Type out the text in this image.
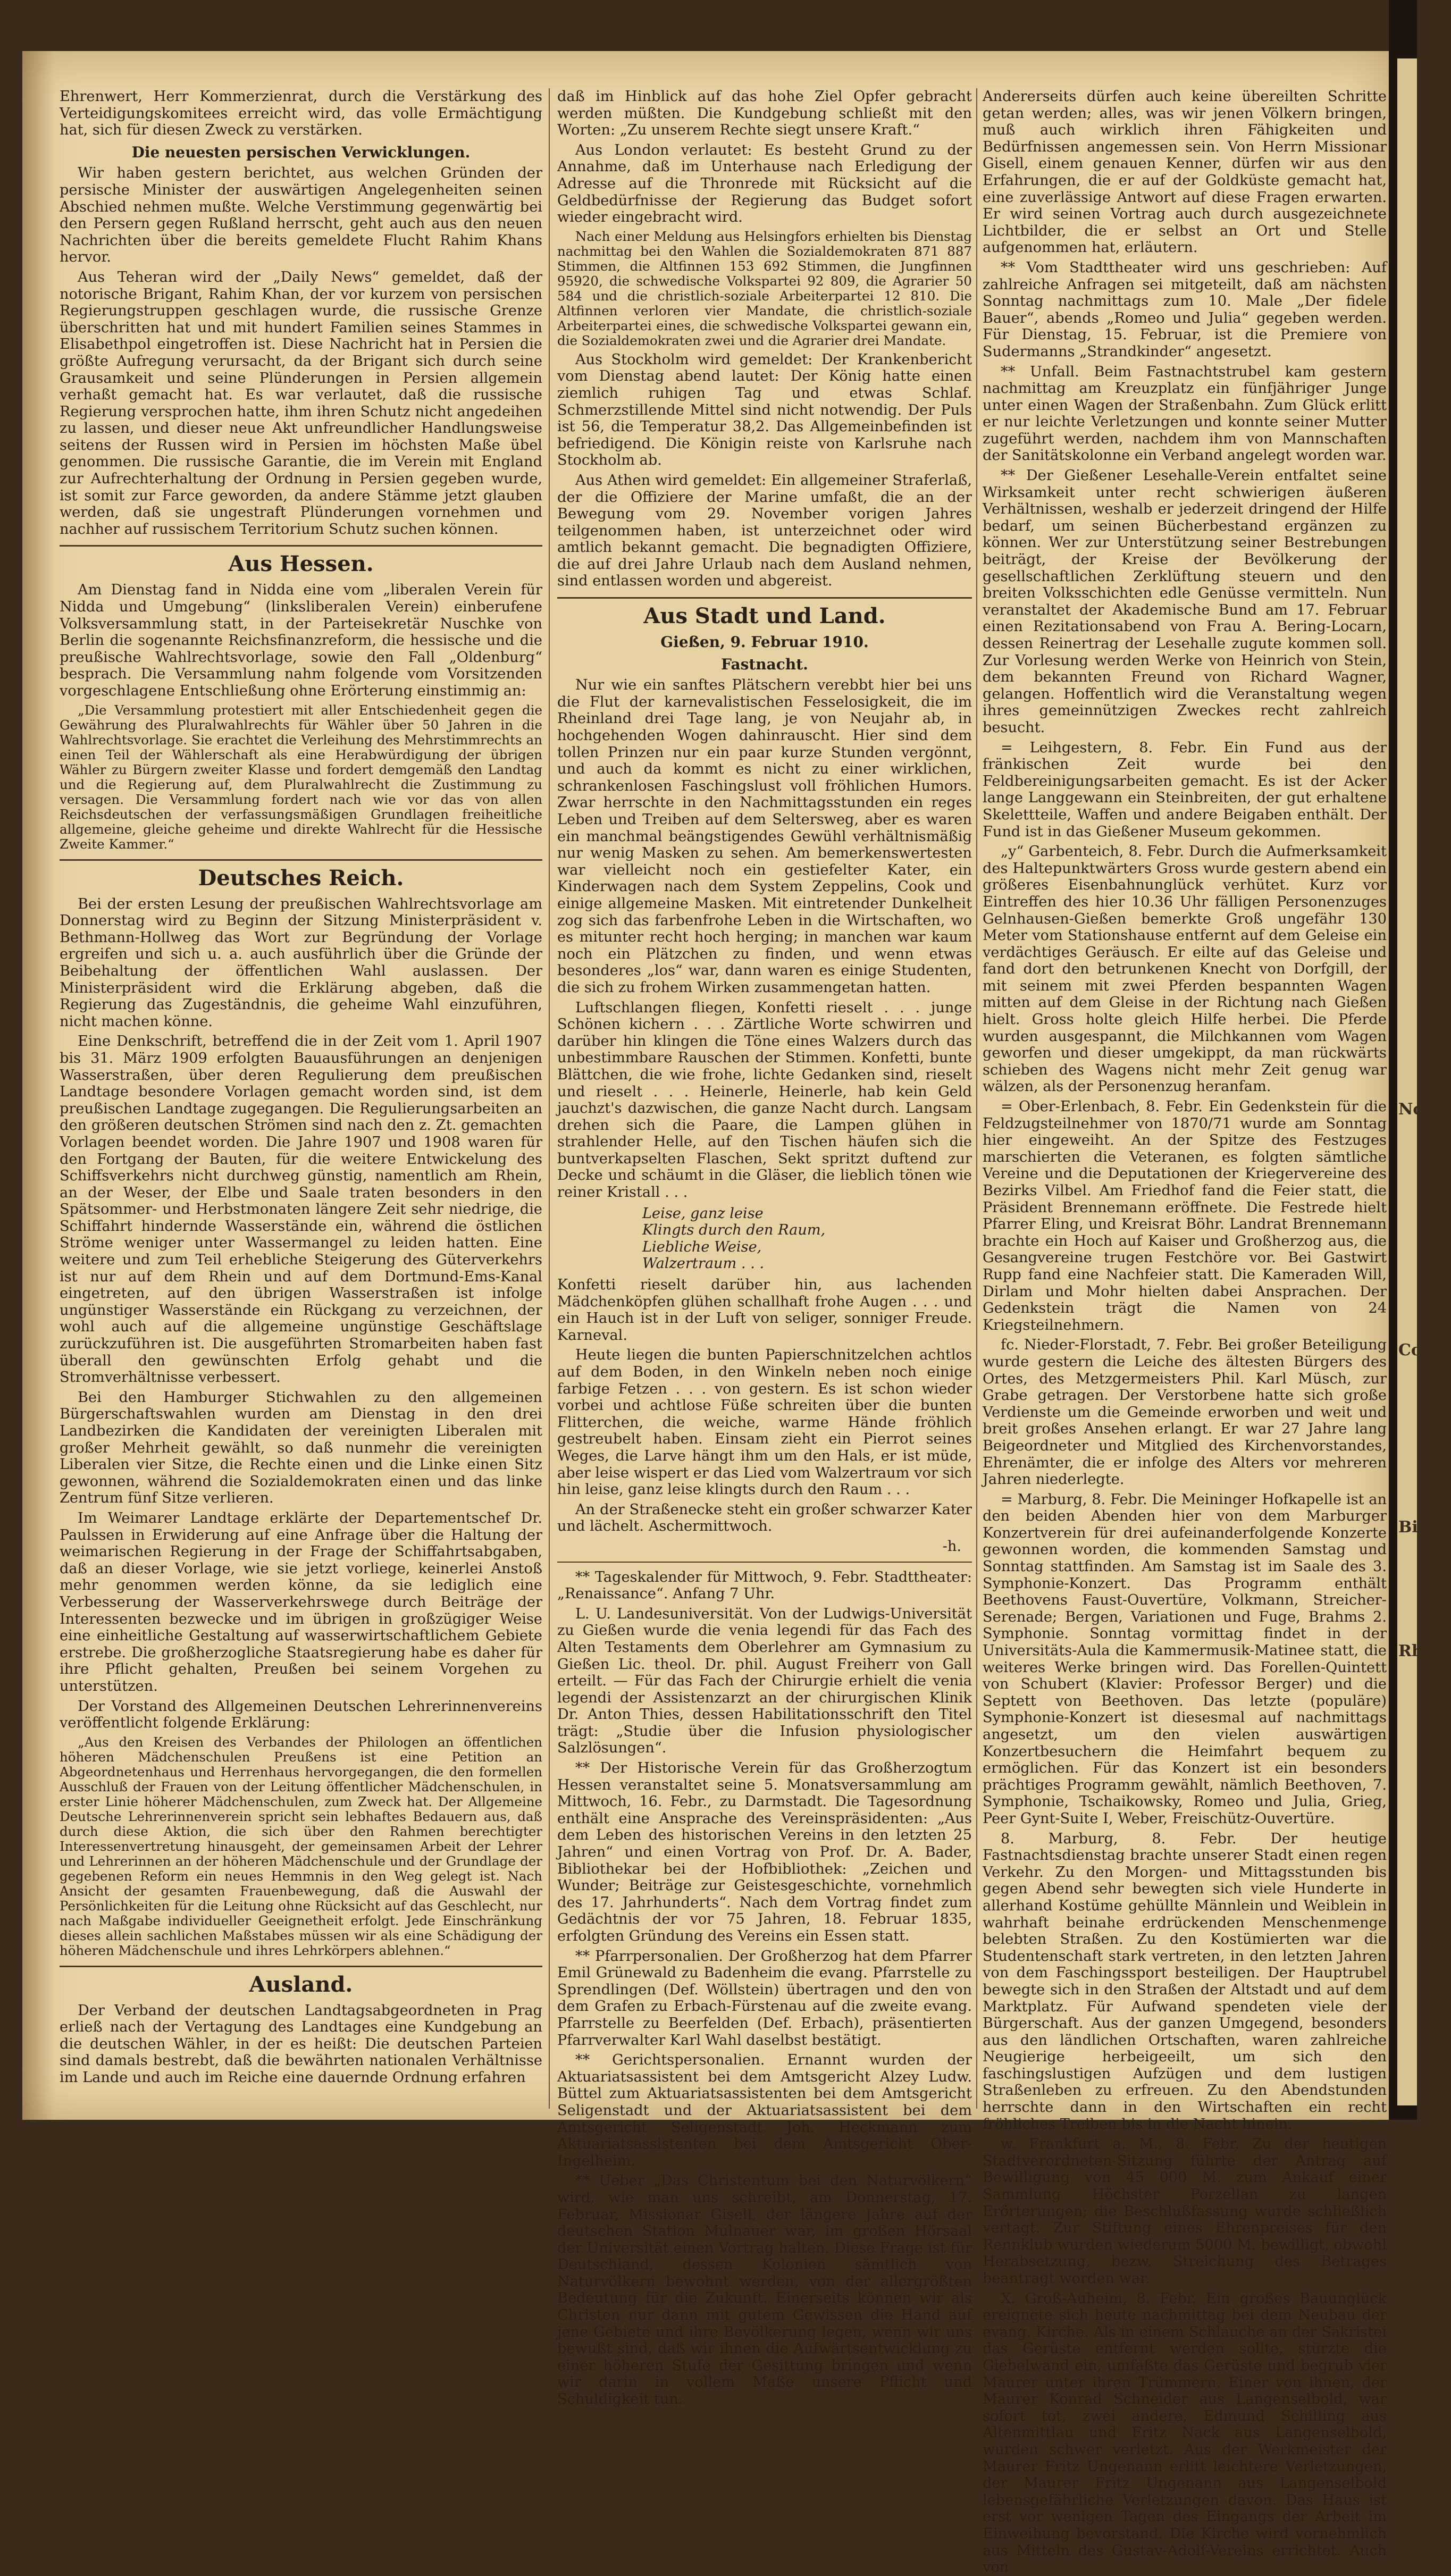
Noch
Co
Bil
Rhein

Ehrenwert, Herr Kommerzienrat, durch die Verstärkung des Verteidigungskomitees erreicht wird, das volle Ermächtigung hat, sich für diesen Zweck zu verstärken.

Die neuesten persischen Verwicklungen.

Wir haben gestern berichtet, aus welchen Gründen der persische Minister der auswärtigen Angelegenheiten seinen Abschied nehmen mußte. Welche Verstimmung gegenwärtig bei den Persern gegen Rußland herrscht, geht auch aus den neuen Nachrichten über die bereits gemeldete Flucht Rahim Khans hervor.

Aus Teheran wird der „Daily News“ gemeldet, daß der notorische Brigant, Rahim Khan, der vor kurzem von persischen Regierungstruppen geschlagen wurde, die russische Grenze überschritten hat und mit hundert Familien seines Stammes in Elisabethpol eingetroffen ist. Diese Nachricht hat in Persien die größte Aufregung verursacht, da der Brigant sich durch seine Grausamkeit und seine Plünderungen in Persien allgemein verhaßt gemacht hat. Es war verlautet, daß die russische Regierung versprochen hatte, ihm ihren Schutz nicht angedeihen zu lassen, und dieser neue Akt unfreundlicher Handlungsweise seitens der Russen wird in Persien im höchsten Maße übel genommen. Die russische Garantie, die im Verein mit England zur Aufrechterhaltung der Ordnung in Persien gegeben wurde, ist somit zur Farce geworden, da andere Stämme jetzt glauben werden, daß sie ungestraft Plünderungen vornehmen und nachher auf russischem Territorium Schutz suchen können.

Aus Hessen.

Am Dienstag fand in Nidda eine vom „liberalen Verein für Nidda und Umgebung“ (linksliberalen Verein) einberufene Volksversammlung statt, in der Parteisekretär Nuschke von Berlin die sogenannte Reichsfinanzreform, die hessische und die preußische Wahlrechtsvorlage, sowie den Fall „Oldenburg“ besprach. Die Versammlung nahm folgende vom Vorsitzenden vorgeschlagene Entschließung ohne Erörterung einstimmig an:

„Die Versammlung protestiert mit aller Entschiedenheit gegen die Gewährung des Pluralwahlrechts für Wähler über 50 Jahren in die Wahlrechtsvorlage. Sie erachtet die Verleihung des Mehrstimmrechts an einen Teil der Wählerschaft als eine Herabwürdigung der übrigen Wähler zu Bürgern zweiter Klasse und fordert demgemäß den Landtag und die Regierung auf, dem Pluralwahlrecht die Zustimmung zu versagen. Die Versammlung fordert nach wie vor das von allen Reichsdeutschen der verfassungsmäßigen Grundlagen freiheitliche allgemeine, gleiche geheime und direkte Wahlrecht für die Hessische Zweite Kammer.“

Deutsches Reich.

Bei der ersten Lesung der preußischen Wahlrechtsvorlage am Donnerstag wird zu Beginn der Sitzung Ministerpräsident v. Bethmann-Hollweg das Wort zur Begründung der Vorlage ergreifen und sich u. a. auch ausführlich über die Gründe der Beibehaltung der öffentlichen Wahl auslassen. Der Ministerpräsident wird die Erklärung abgeben, daß die Regierung das Zugeständnis, die geheime Wahl einzuführen, nicht machen könne.

Eine Denkschrift, betreffend die in der Zeit vom 1. April 1907 bis 31. März 1909 erfolgten Bauausführungen an denjenigen Wasserstraßen, über deren Regulierung dem preußischen Landtage besondere Vorlagen gemacht worden sind, ist dem preußischen Landtage zugegangen. Die Regulierungsarbeiten an den größeren deutschen Strömen sind nach den z. Zt. gemachten Vorlagen beendet worden. Die Jahre 1907 und 1908 waren für den Fortgang der Bauten, für die weitere Entwickelung des Schiffsverkehrs nicht durchweg günstig, namentlich am Rhein, an der Weser, der Elbe und Saale traten besonders in den Spätsommer- und Herbstmonaten längere Zeit sehr niedrige, die Schiffahrt hindernde Wasserstände ein, während die östlichen Ströme weniger unter Wassermangel zu leiden hatten. Eine weitere und zum Teil erhebliche Steigerung des Güterverkehrs ist nur auf dem Rhein und auf dem Dortmund-Ems-Kanal eingetreten, auf den übrigen Wasserstraßen ist infolge ungünstiger Wasserstände ein Rückgang zu verzeichnen, der wohl auch auf die allgemeine ungünstige Geschäftslage zurückzuführen ist. Die ausgeführten Stromarbeiten haben fast überall den gewünschten Erfolg gehabt und die Stromverhältnisse verbessert.

Bei den Hamburger Stichwahlen zu den allgemeinen Bürgerschaftswahlen wurden am Dienstag in den drei Landbezirken die Kandidaten der vereinigten Liberalen mit großer Mehrheit gewählt, so daß nunmehr die vereinigten Liberalen vier Sitze, die Rechte einen und die Linke einen Sitz gewonnen, während die Sozialdemokraten einen und das linke Zentrum fünf Sitze verlieren.

Im Weimarer Landtage erklärte der Departementschef Dr. Paulssen in Erwiderung auf eine Anfrage über die Haltung der weimarischen Regierung in der Frage der Schiffahrtsabgaben, daß an dieser Vorlage, wie sie jetzt vorliege, keinerlei Anstoß mehr genommen werden könne, da sie lediglich eine Verbesserung der Wasserverkehrswege durch Beiträge der Interessenten bezwecke und im übrigen in großzügiger Weise eine einheitliche Gestaltung auf wasserwirtschaftlichem Gebiete erstrebe. Die großherzogliche Staatsregierung habe es daher für ihre Pflicht gehalten, Preußen bei seinem Vorgehen zu unterstützen.

Der Vorstand des Allgemeinen Deutschen Lehrerinnenvereins veröffentlicht folgende Erklärung:

„Aus den Kreisen des Verbandes der Philologen an öffentlichen höheren Mädchenschulen Preußens ist eine Petition an Abgeordnetenhaus und Herrenhaus hervorgegangen, die den formellen Ausschluß der Frauen von der Leitung öffentlicher Mädchenschulen, in erster Linie höherer Mädchenschulen, zum Zweck hat. Der Allgemeine Deutsche Lehrerinnenverein spricht sein lebhaftes Bedauern aus, daß durch diese Aktion, die sich über den Rahmen berechtigter Interessenvertretung hinausgeht, der gemeinsamen Arbeit der Lehrer und Lehrerinnen an der höheren Mädchenschule und der Grundlage der gegebenen Reform ein neues Hemmnis in den Weg gelegt ist. Nach Ansicht der gesamten Frauenbewegung, daß die Auswahl der Persönlichkeiten für die Leitung ohne Rücksicht auf das Geschlecht, nur nach Maßgabe individueller Geeignetheit erfolgt. Jede Einschränkung dieses allein sachlichen Maßstabes müssen wir als eine Schädigung der höheren Mädchenschule und ihres Lehrkörpers ablehnen.“

Ausland.

Der Verband der deutschen Landtagsabgeordneten in Prag erließ nach der Vertagung des Landtages eine Kundgebung an die deutschen Wähler, in der es heißt: Die deutschen Parteien sind damals bestrebt, daß die bewährten nationalen Verhältnisse im Lande und auch im Reiche eine dauernde Ordnung erfahren

daß im Hinblick auf das hohe Ziel Opfer gebracht werden müßten. Die Kundgebung schließt mit den Worten: „Zu unserem Rechte siegt unsere Kraft.“

Aus London verlautet: Es besteht Grund zu der Annahme, daß im Unterhause nach Erledigung der Adresse auf die Thronrede mit Rücksicht auf die Geldbedürfnisse der Regierung das Budget sofort wieder eingebracht wird.

Nach einer Meldung aus Helsingfors erhielten bis Dienstag nachmittag bei den Wahlen die Sozialdemokraten 871 887 Stimmen, die Altfinnen 153 692 Stimmen, die Jungfinnen 95920, die schwedische Volkspartei 92 809, die Agrarier 50 584 und die christlich-soziale Arbeiterpartei 12 810. Die Altfinnen verloren vier Mandate, die christlich-soziale Arbeiterpartei eines, die schwedische Volkspartei gewann ein, die Sozialdemokraten zwei und die Agrarier drei Mandate.

Aus Stockholm wird gemeldet: Der Krankenbericht vom Dienstag abend lautet: Der König hatte einen ziemlich ruhigen Tag und etwas Schlaf. Schmerzstillende Mittel sind nicht notwendig. Der Puls ist 56, die Temperatur 38,2. Das Allgemeinbefinden ist befriedigend. Die Königin reiste von Karlsruhe nach Stockholm ab.

Aus Athen wird gemeldet: Ein allgemeiner Straferlaß, der die Offiziere der Marine umfaßt, die an der Bewegung vom 29. November vorigen Jahres teilgenommen haben, ist unterzeichnet oder wird amtlich bekannt gemacht. Die begnadigten Offiziere, die auf drei Jahre Urlaub nach dem Ausland nehmen, sind entlassen worden und abgereist.

Aus Stadt und Land.
Gießen, 9. Februar 1910.
Fastnacht.

Nur wie ein sanftes Plätschern verebbt hier bei uns die Flut der karnevalistischen Fesselosigkeit, die im Rheinland drei Tage lang, je von Neujahr ab, in hochgehenden Wogen dahinrauscht. Hier sind dem tollen Prinzen nur ein paar kurze Stunden vergönnt, und auch da kommt es nicht zu einer wirklichen, schrankenlosen Faschingslust voll fröhlichen Humors. Zwar herrschte in den Nachmittagsstunden ein reges Leben und Treiben auf dem Seltersweg, aber es waren ein manchmal beängstigendes Gewühl verhältnismäßig nur wenig Masken zu sehen. Am bemerkenswertesten war vielleicht noch ein gestiefelter Kater, ein Kinderwagen nach dem System Zeppelins, Cook und einige allgemeine Masken. Mit eintretender Dunkelheit zog sich das farbenfrohe Leben in die Wirtschaften, wo es mitunter recht hoch herging; in manchen war kaum noch ein Plätzchen zu finden, und wenn etwas besonderes „los“ war, dann waren es einige Studenten, die sich zu frohem Wirken zusammengetan hatten.

Luftschlangen fliegen, Konfetti rieselt . . . junge Schönen kichern . . . Zärtliche Worte schwirren und darüber hin klingen die Töne eines Walzers durch das unbestimmbare Rauschen der Stimmen. Konfetti, bunte Blättchen, die wie frohe, lichte Gedanken sind, rieselt und rieselt . . . Heinerle, Heinerle, hab kein Geld jauchzt's dazwischen, die ganze Nacht durch. Langsam drehen sich die Paare, die Lampen glühen in strahlender Helle, auf den Tischen häufen sich die buntverkapselten Flaschen, Sekt spritzt duftend zur Decke und schäumt in die Gläser, die lieblich tönen wie reiner Kristall . . .

Leise, ganz leise
Klingts durch den Raum,
Liebliche Weise,
Walzertraum . . .

Konfetti rieselt darüber hin, aus lachenden Mädchenköpfen glühen schallhaft frohe Augen . . . und ein Hauch ist in der Luft von seliger, sonniger Freude. Karneval.

Heute liegen die bunten Papierschnitzelchen achtlos auf dem Boden, in den Winkeln neben noch einige farbige Fetzen . . . von gestern. Es ist schon wieder vorbei und achtlose Füße schreiten über die bunten Flitterchen, die weiche, warme Hände fröhlich gestreubelt haben. Einsam zieht ein Pierrot seines Weges, die Larve hängt ihm um den Hals, er ist müde, aber leise wispert er das Lied vom Walzertraum vor sich hin leise, ganz leise klingts durch den Raum . . .

An der Straßenecke steht ein großer schwarzer Kater und lächelt. Aschermittwoch.

-h.

** Tageskalender für Mittwoch, 9. Febr. Stadttheater: „Renaissance“. Anfang 7 Uhr.

L. U. Landesuniversität. Von der Ludwigs-Universität zu Gießen wurde die venia legendi für das Fach des Alten Testaments dem Oberlehrer am Gymnasium zu Gießen Lic. theol. Dr. phil. August Freiherr von Gall erteilt. — Für das Fach der Chirurgie erhielt die venia legendi der Assistenzarzt an der chirurgischen Klinik Dr. Anton Thies, dessen Habilitationsschrift den Titel trägt: „Studie über die Infusion physiologischer Salzlösungen“.

** Der Historische Verein für das Großherzogtum Hessen veranstaltet seine 5. Monatsversammlung am Mittwoch, 16. Febr., zu Darmstadt. Die Tagesordnung enthält eine Ansprache des Vereinspräsidenten: „Aus dem Leben des historischen Vereins in den letzten 25 Jahren“ und einen Vortrag von Prof. Dr. A. Bader, Bibliothekar bei der Hofbibliothek: „Zeichen und Wunder; Beiträge zur Geistesgeschichte, vornehmlich des 17. Jahrhunderts“. Nach dem Vortrag findet zum Gedächtnis der vor 75 Jahren, 18. Februar 1835, erfolgten Gründung des Vereins ein Essen statt.

** Pfarrpersonalien. Der Großherzog hat dem Pfarrer Emil Grünewald zu Badenheim die evang. Pfarrstelle zu Sprendlingen (Def. Wöllstein) übertragen und den von dem Grafen zu Erbach-Fürstenau auf die zweite evang. Pfarrstelle zu Beerfelden (Def. Erbach), präsentierten Pfarrverwalter Karl Wahl daselbst bestätigt.

** Gerichtspersonalien. Ernannt wurden der Aktuariatsassistent bei dem Amtsgericht Alzey Ludw. Büttel zum Aktuariatsassistenten bei dem Amtsgericht Seligenstadt und der Aktuariatsassistent bei dem Amtsgericht Seligenstadt Joh. Heckmann zum Aktuariatsassistenten bei dem Amtsgericht Ober-Ingelheim.

** Ueber „Das Christentum bei den Naturvölkern“ wird, wie man uns schreibt, am Donnerstag, 17. Februar, Missionar Gisell, der längere Jahre auf der deutschen Station Mulnauer war, im großen Hörsaal der Universität einen Vortrag halten. Diese Frage ist für Deutschland, dessen Kolonien sämtlich von Naturvölkern bewohnt werden, von der allergrößten Bedeutung für die Zukunft. Einerseits können wir als Christen nur dann mit gutem Gewissen die Hand auf jene Gebiete und ihre Bevölkerung legen, wenn wir uns bewußt sind, daß wir ihnen die Aufwärtsentwicklung zu einer höheren Stufe der Gesittung bringen und wenn wir darin in vollem Maße unsere Pflicht und Schuldigkeit tun.

Andererseits dürfen auch keine übereilten Schritte getan werden; alles, was wir jenen Völkern bringen, muß auch wirklich ihren Fähigkeiten und Bedürfnissen angemessen sein. Von Herrn Missionar Gisell, einem genauen Kenner, dürfen wir aus den Erfahrungen, die er auf der Goldküste gemacht hat, eine zuverlässige Antwort auf diese Fragen erwarten. Er wird seinen Vortrag auch durch ausgezeichnete Lichtbilder, die er selbst an Ort und Stelle aufgenommen hat, erläutern.

** Vom Stadttheater wird uns geschrieben: Auf zahlreiche Anfragen sei mitgeteilt, daß am nächsten Sonntag nachmittags zum 10. Male „Der fidele Bauer“, abends „Romeo und Julia“ gegeben werden. Für Dienstag, 15. Februar, ist die Premiere von Sudermanns „Strandkinder“ angesetzt.

** Unfall. Beim Fastnachtstrubel kam gestern nachmittag am Kreuzplatz ein fünfjähriger Junge unter einen Wagen der Straßenbahn. Zum Glück erlitt er nur leichte Verletzungen und konnte seiner Mutter zugeführt werden, nachdem ihm von Mannschaften der Sanitätskolonne ein Verband angelegt worden war.

** Der Gießener Lesehalle-Verein entfaltet seine Wirksamkeit unter recht schwierigen äußeren Verhältnissen, weshalb er jederzeit dringend der Hilfe bedarf, um seinen Bücherbestand ergänzen zu können. Wer zur Unterstützung seiner Bestrebungen beiträgt, der Kreise der Bevölkerung der gesellschaftlichen Zerklüftung steuern und den breiten Volksschichten edle Genüsse vermitteln. Nun veranstaltet der Akademische Bund am 17. Februar einen Rezitationsabend von Frau A. Bering-Locarn, dessen Reinertrag der Lesehalle zugute kommen soll. Zur Vorlesung werden Werke von Heinrich von Stein, dem bekannten Freund von Richard Wagner, gelangen. Hoffentlich wird die Veranstaltung wegen ihres gemeinnützigen Zweckes recht zahlreich besucht.

= Leihgestern, 8. Febr. Ein Fund aus der fränkischen Zeit wurde bei den Feldbereinigungsarbeiten gemacht. Es ist der Acker lange Langgewann ein Steinbreiten, der gut erhaltene Skelettteile, Waffen und andere Beigaben enthält. Der Fund ist in das Gießener Museum gekommen.

„y“ Garbenteich, 8. Febr. Durch die Aufmerksamkeit des Haltepunktwärters Gross wurde gestern abend ein größeres Eisenbahnunglück verhütet. Kurz vor Eintreffen des hier 10.36 Uhr fälligen Personenzuges Gelnhausen-Gießen bemerkte Groß ungefähr 130 Meter vom Stationshause entfernt auf dem Geleise ein verdächtiges Geräusch. Er eilte auf das Geleise und fand dort den betrunkenen Knecht von Dorfgill, der mit seinem mit zwei Pferden bespannten Wagen mitten auf dem Gleise in der Richtung nach Gießen hielt. Gross holte gleich Hilfe herbei. Die Pferde wurden ausgespannt, die Milchkannen vom Wagen geworfen und dieser umgekippt, da man rückwärts schieben des Wagens nicht mehr Zeit genug war wälzen, als der Personenzug heranfam.

= Ober-Erlenbach, 8. Febr. Ein Gedenkstein für die Feldzugsteilnehmer von 1870/71 wurde am Sonntag hier eingeweiht. An der Spitze des Festzuges marschierten die Veteranen, es folgten sämtliche Vereine und die Deputationen der Kriegervereine des Bezirks Vilbel. Am Friedhof fand die Feier statt, die Präsident Brennemann eröffnete. Die Festrede hielt Pfarrer Eling, und Kreisrat Böhr. Landrat Brennemann brachte ein Hoch auf Kaiser und Großherzog aus, die Gesangvereine trugen Festchöre vor. Bei Gastwirt Rupp fand eine Nachfeier statt. Die Kameraden Will, Dirlam und Mohr hielten dabei Ansprachen. Der Gedenkstein trägt die Namen von 24 Kriegsteilnehmern.

fc. Nieder-Florstadt, 7. Febr. Bei großer Beteiligung wurde gestern die Leiche des ältesten Bürgers des Ortes, des Metzgermeisters Phil. Karl Müsch, zur Grabe getragen. Der Verstorbene hatte sich große Verdienste um die Gemeinde erworben und weit und breit großes Ansehen erlangt. Er war 27 Jahre lang Beigeordneter und Mitglied des Kirchenvorstandes, Ehrenämter, die er infolge des Alters vor mehreren Jahren niederlegte.

= Marburg, 8. Febr. Die Meininger Hofkapelle ist an den beiden Abenden hier von dem Marburger Konzertverein für drei aufeinanderfolgende Konzerte gewonnen worden, die kommenden Samstag und Sonntag stattfinden. Am Samstag ist im Saale des 3. Symphonie-Konzert. Das Programm enthält Beethovens Faust-Ouvertüre, Volkmann, Streicher-Serenade; Bergen, Variationen und Fuge, Brahms 2. Symphonie. Sonntag vormittag findet in der Universitäts-Aula die Kammermusik-Matinee statt, die weiteres Werke bringen wird. Das Forellen-Quintett von Schubert (Klavier: Professor Berger) und die Septett von Beethoven. Das letzte (populäre) Symphonie-Konzert ist diesesmal auf nachmittags angesetzt, um den vielen auswärtigen Konzertbesuchern die Heimfahrt bequem zu ermöglichen. Für das Konzert ist ein besonders prächtiges Programm gewählt, nämlich Beethoven, 7. Symphonie, Tschaikowsky, Romeo und Julia, Grieg, Peer Gynt-Suite I, Weber, Freischütz-Ouvertüre.

8. Marburg, 8. Febr. Der heutige Fastnachtsdienstag brachte unserer Stadt einen regen Verkehr. Zu den Morgen- und Mittagsstunden bis gegen Abend sehr bewegten sich viele Hunderte in allerhand Kostüme gehüllte Männlein und Weiblein in wahrhaft beinahe erdrückenden Menschenmenge belebten Straßen. Zu den Kostümierten war die Studentenschaft stark vertreten, in den letzten Jahren von dem Faschingssport besteiligen. Der Hauptrubel bewegte sich in den Straßen der Altstadt und auf dem Marktplatz. Für Aufwand spendeten viele der Bürgerschaft. Aus der ganzen Umgegend, besonders aus den ländlichen Ortschaften, waren zahlreiche Neugierige herbeigeeilt, um sich den faschingslustigen Aufzügen und dem lustigen Straßenleben zu erfreuen. Zu den Abendstunden herrschte dann in den Wirtschaften ein recht fröhliches Treiben bis in die Nacht hinein.

w. Frankfurt a. M., 8. Febr. Zu der heutigen Stadtverordneten-Sitzung führte der Antrag auf Bewilligung von 45 000 M. zum Ankauf einer Sammlung Höchster Porzellan zu langen Erörterungen; die Beschlußfassung wurde schließlich vertagt. Zur Stiftung eines Ehrenpreises für den Rennklub wurden wiederum 5000 M. bewilligt, obwohl Herabsetzung, bezw. Streichung des Betrages beantragt worden war.

X. Groß-Auheim, 8. Febr. Ein großes Bauunglück ereignete sich heute nachmittag bei dem Neubau der evang. Kirche. Als in einem Schlauche an der Sakristei das Gerüste entfernt werden sollte, stürzte die Giebelwand ein, umfaßte das Gerüste und begrub vier Maurer unter ihren Trümmern. Einer von ihnen, der Maurer Konrad Schneider aus Langenselbold, war sofort tot, zwei andere, Edmund Schilling aus Altenmittlau und Fritz Nack aus Langenselbold, wurden schwer verletzt. Aus der Werkmeister der Maurer Fritz Ungenann erlitt leichtere Verletzungen, der Maurer Fritz Ungenann aus Langenselbold lebensgefährliche Verletzungen davon. Das Haus ist erst vor wenigen Tagen des Eingangs der Arbeit im Einweihung bevorstand. Die Kirche wird vornehmlich aus Mitteln des Gustav-Adolf-Vereins errichtet. Auch von
